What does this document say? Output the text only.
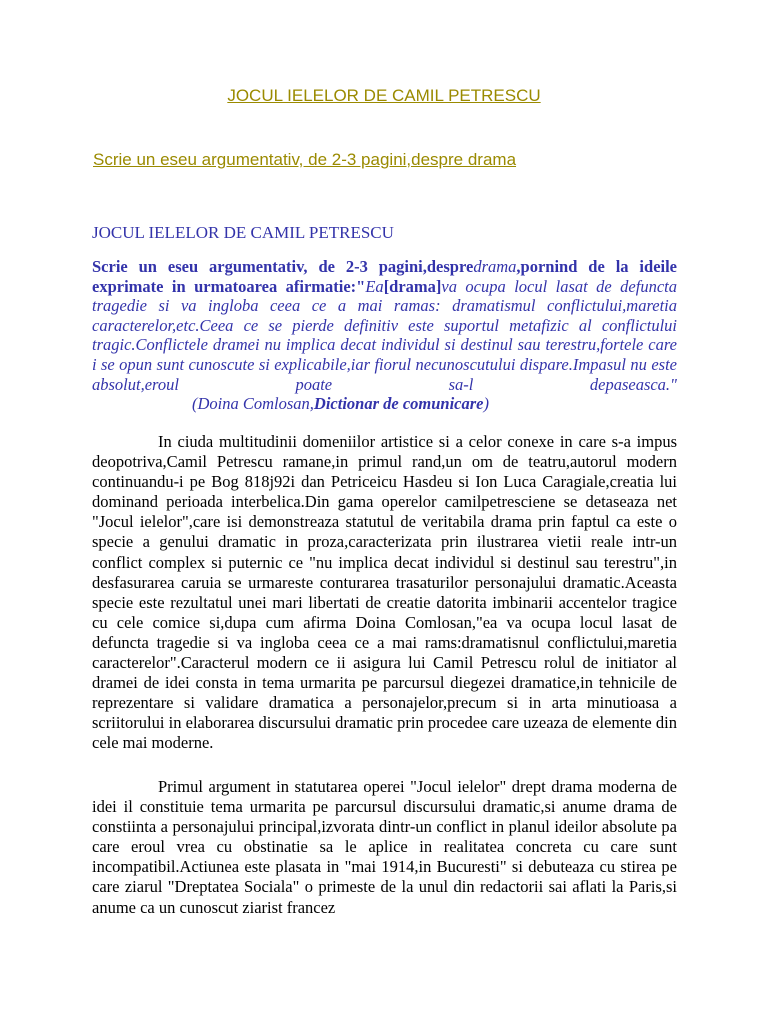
JOCUL IELELOR DE CAMIL PETRESCU
Scrie un eseu argumentativ, de 2-3 pagini,despre drama
JOCUL IELELOR DE CAMIL PETRESCU
Scrie un eseu argumentativ, de 2-3 pagini,despredrama,pornind de la ideile exprimate in urmatoarea afirmatie:"Ea[drama]va ocupa locul lasat de defuncta tragedie si va ingloba ceea ce a mai ramas: dramatismul conflictului,maretia caracterelor,etc.Ceea ce se pierde definitiv este suportul metafizic al conflictului tragic.Conflictele dramei nu implica decat individul si destinul sau terestru,fortele care i se opun sunt cunoscute si explicabile,iar fiorul necunoscutului dispare.Impasul nu este absolut,eroul poate sa-l depaseasca."(Doina Comlosan,Dictionar de comunicare)
In ciuda multitudinii domeniilor artistice si a celor conexe in care s-a impus deopotriva,Camil Petrescu ramane,in primul rand,un om de teatru,autorul modern continuandu-i pe Bog 818j92i dan Petriceicu Hasdeu si Ion Luca Caragiale,creatia lui dominand perioada interbelica.Din gama operelor camilpetresciene se detaseaza net "Jocul ielelor",care isi demonstreaza statutul de veritabila drama prin faptul ca este o specie a genului dramatic in proza,caracterizata prin ilustrarea vietii reale intr-un conflict complex si puternic ce "nu implica decat individul si destinul sau terestru",in desfasurarea caruia se urmareste conturarea trasaturilor personajului dramatic.Aceasta specie este rezultatul unei mari libertati de creatie datorita imbinarii accentelor tragice cu cele comice si,dupa cum afirma Doina Comlosan,"ea va ocupa locul lasat de defuncta tragedie si va ingloba ceea ce a mai rams:dramatisnul conflictului,maretia caracterelor".Caracterul modern ce ii asigura lui Camil Petrescu rolul de initiator al dramei de idei consta in tema urmarita pe parcursul diegezei dramatice,in tehnicile de reprezentare si validare dramatica a personajelor,precum si in arta minutioasa a scriitorului in elaborarea discursului dramatic prin procedee care uzeaza de elemente din cele mai moderne.
Primul argument in statutarea operei "Jocul ielelor" drept drama moderna de idei il constituie tema urmarita pe parcursul discursului dramatic,si anume drama de constiinta a personajului principal,izvorata dintr-un conflict in planul ideilor absolute pa care eroul vrea cu obstinatie sa le aplice in realitatea concreta cu care sunt incompatibil.Actiunea este plasata in "mai 1914,in Bucuresti" si debuteaza cu stirea pe care ziarul "Dreptatea Sociala" o primeste de la unul din redactorii sai aflati la Paris,si anume ca un cunoscut ziarist francez
